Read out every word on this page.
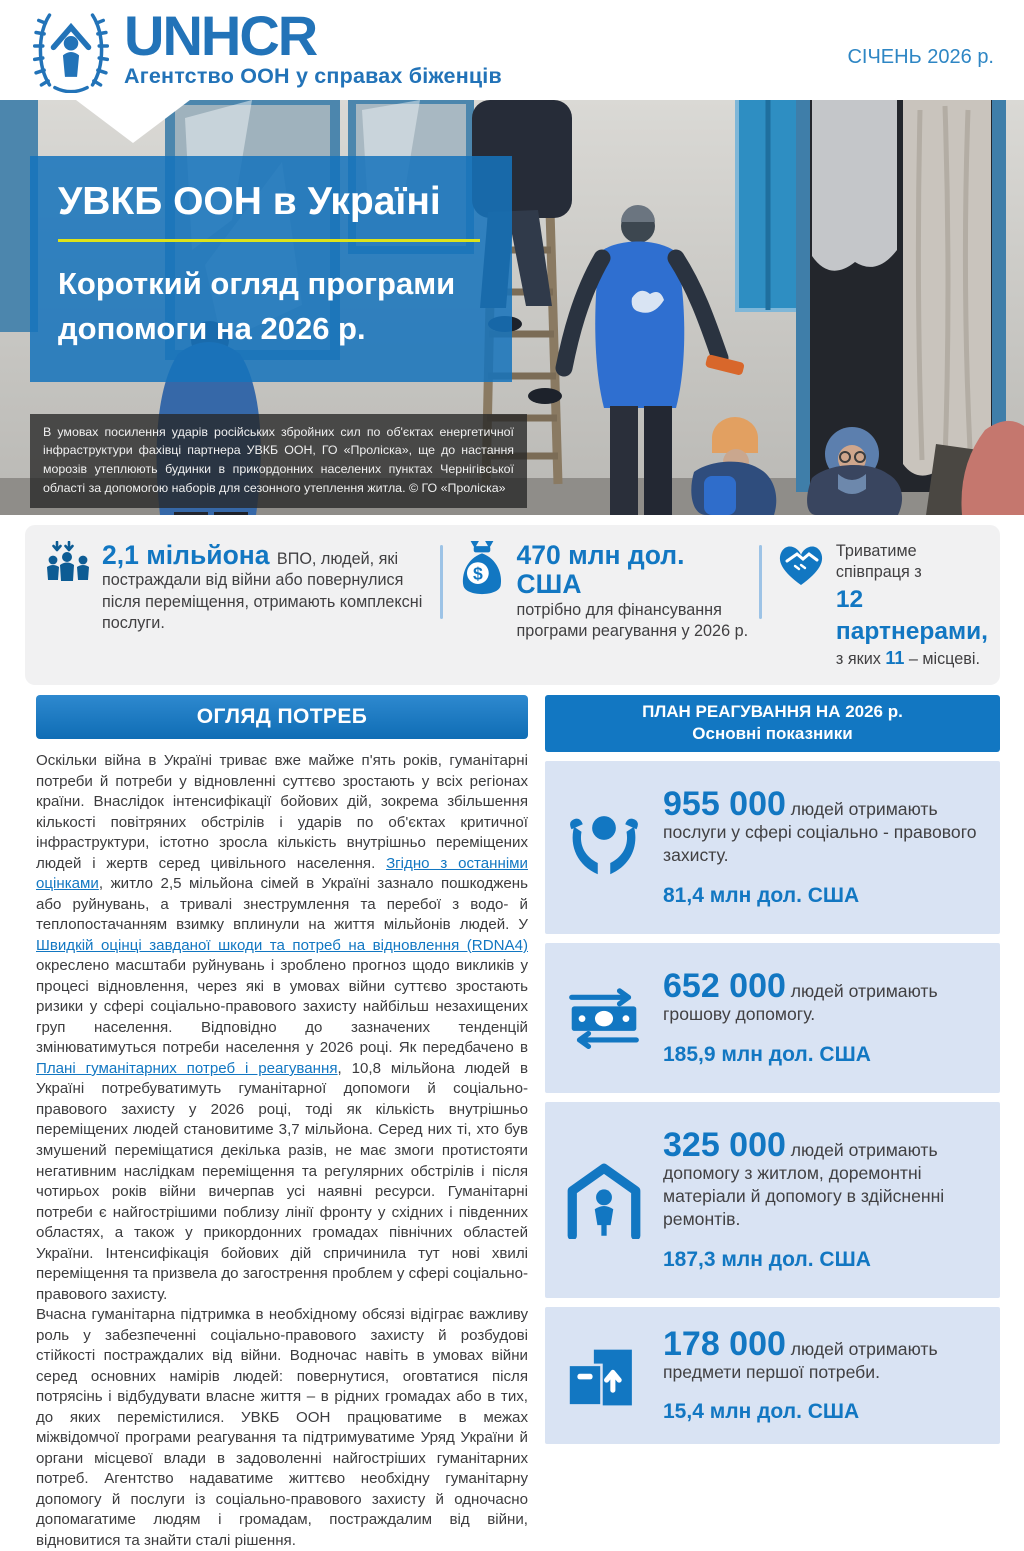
UNHCR
Агентство ООН у справах біженців
СІЧЕНЬ 2026 р.
УВКБ ООН в Україні
Короткий огляд програми
допомоги на 2026 р.
В умовах посилення ударів російських збройних сил по об'єктах енергетичної інфраструктури фахівці партнера УВКБ ООН, ГО «Проліска», ще до настання морозів утеплюють будинки в прикордонних населених пунктах Чернігівської області за допомогою наборів для сезонного утеплення житла. © ГО «Проліска»
2,1 мільйона ВПО, людей, які постраждали від війни або повернулися після переміщення, отримають комплексні послуги.
$
470 млн дол. США
потрібно для фінансування програми реагування у 2026 р.
Триватиме співпраця з
12 партнерами,
з яких 11 – місцеві.
ОГЛЯД ПОТРЕБ

Оскільки війна в Україні триває вже майже п'ять років, гуманітарні потреби й потреби у відновленні суттєво зростають у всіх регіонах країни. Внаслідок інтенсифікації бойових дій, зокрема збільшення кількості повітряних обстрілів і ударів по об'єктах критичної інфраструктури, істотно зросла кількість внутрішньо переміщених людей і жертв серед цивільного населення. Згідно з останніми оцінками, житло 2,5 мільйона сімей в Україні зазнало пошкоджень або руйнувань, а тривалі знеструмлення та перебої з водо- й теплопостачанням взимку вплинули на життя мільйонів людей. У Швидкій оцінці завданої шкоди та потреб на відновлення (RDNA4) окреслено масштаби руйнувань і зроблено прогноз щодо викликів у процесі відновлення, через які в умовах війни суттєво зростають ризики у сфері соціально-правового захисту найбільш незахищених груп населення. Відповідно до зазначених тенденцій змінюватимуться потреби населення у 2026 році. Як передбачено в Плані гуманітарних потреб і реагування, 10,8 мільйона людей в Україні потребуватимуть гуманітарної допомоги й соціально-правового захисту у 2026 році, тоді як кількість внутрішньо переміщених людей становитиме 3,7 мільйона. Серед них ті, хто був змушений переміщатися декілька разів, не має змоги протистояти негативним наслідкам переміщення та регулярних обстрілів і після чотирьох років війни вичерпав усі наявні ресурси. Гуманітарні потреби є найгострішими поблизу лінії фронту у східних і південних областях, а також у прикордонних громадах північних областей України. Інтенсифікація бойових дій спричинила тут нові хвилі переміщення та призвела до загострення проблем у сфері соціально-правового захисту.

Вчасна гуманітарна підтримка в необхідному обсязі відіграє важливу роль у забезпеченні соціально-правового захисту й розбудові стійкості постраждалих від війни. Водночас навіть в умовах війни серед основних намірів людей: повернутися, оговтатися після потрясінь і відбудувати власне життя – в рідних громадах або в тих, до яких перемістилися. УВКБ ООН працюватиме в межах міжвідомчої програми реагування та підтримуватиме Уряд України й органи місцевої влади в задоволенні найгостріших гуманітарних потреб. Агентство надаватиме життєво необхідну гуманітарну допомогу й послуги із соціально-правового захисту й одночасно допомагатиме людям і громадам, постраждалим від війни, відновитися та знайти сталі рішення.

ПЛАН РЕАГУВАННЯ НА 2026 р.
Основні показники
955 000 людей отримають послуги у сфері соціально - правового захисту.
81,4 млн дол. США
652 000 людей отримають грошову допомогу.
185,9 млн дол. США
325 000 людей отримають допомогу з житлом, доремонтні матеріали й допомогу в здійсненні ремонтів.
187,3 млн дол. США
178 000 людей отримають предмети першої потреби.
15,4 млн дол. США
